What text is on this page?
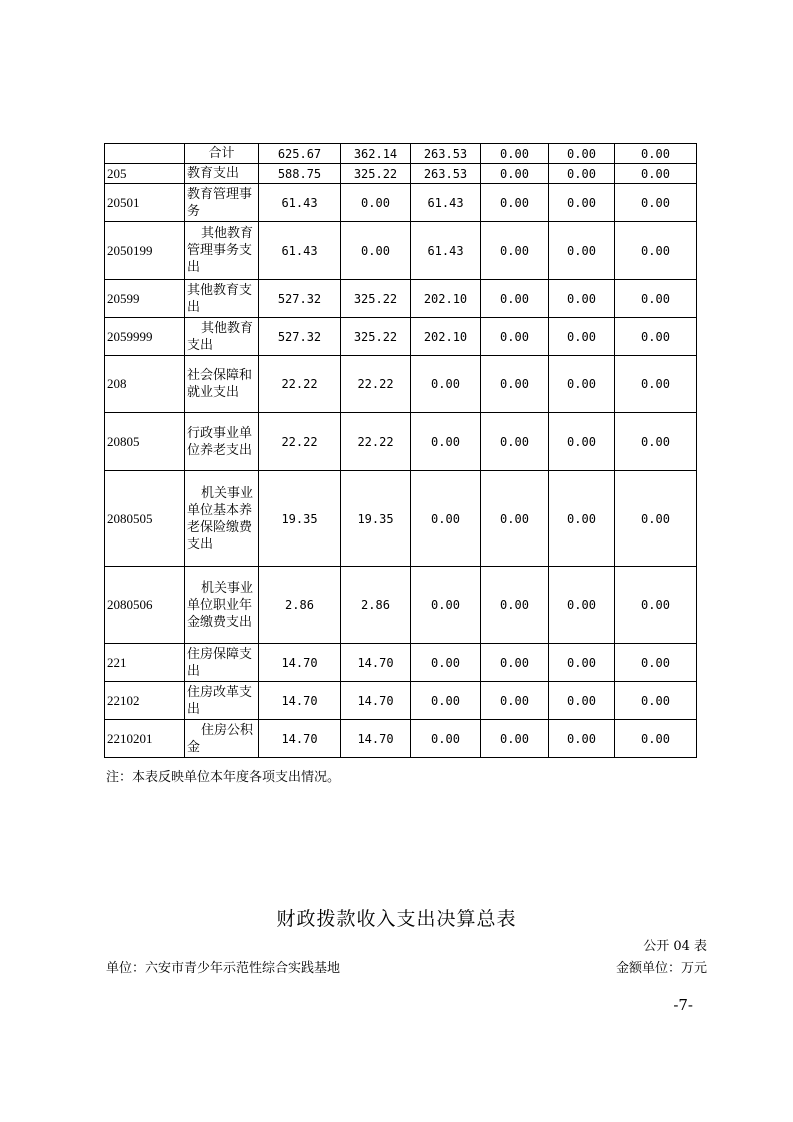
	合计	625.67	362.14	263.53	0.00	0.00	0.00
205	教育支出	588.75	325.22	263.53	0.00	0.00	0.00
20501	教育管理事务	61.43	0.00	61.43	0.00	0.00	0.00
2050199	其他教育管理事务支出	61.43	0.00	61.43	0.00	0.00	0.00
20599	其他教育支出	527.32	325.22	202.10	0.00	0.00	0.00
2059999	其他教育支出	527.32	325.22	202.10	0.00	0.00	0.00
208	社会保障和就业支出	22.22	22.22	0.00	0.00	0.00	0.00
20805	行政事业单位养老支出	22.22	22.22	0.00	0.00	0.00	0.00
2080505	机关事业单位基本养老保险缴费支出	19.35	19.35	0.00	0.00	0.00	0.00
2080506	机关事业单位职业年金缴费支出	2.86	2.86	0.00	0.00	0.00	0.00
221	住房保障支出	14.70	14.70	0.00	0.00	0.00	0.00
22102	住房改革支出	14.70	14.70	0.00	0.00	0.00	0.00
2210201	住房公积金	14.70	14.70	0.00	0.00	0.00	0.00
注：本表反映单位本年度各项支出情况。
财政拨款收入支出决算总表
公开 04 表
单位：六安市青少年示范性综合实践基地	金额单位：万元
-7-
